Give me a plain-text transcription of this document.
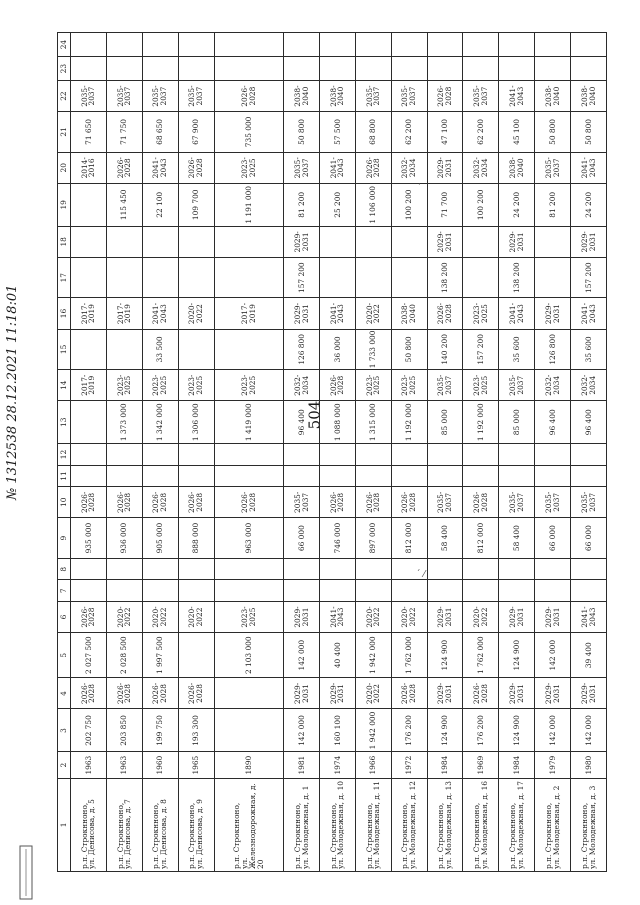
504
1	2	3	4	5	6	7	8	9	10	11	12	13	14	15	16	17	18	19	20	21	22	23	24
р.п. Строкнноно,
ул. Денисова, д. 5	1963	202 750	2026-2028	2 027 500	2026-2028			935 000	2026-2028				2017-2019		2017-2019				2014-2016	71 650	2035-2037		
р.п. Строкнноно,
ул. Денисова, д. 7	1963	203 850	2026-2028	2 028 500	2020-2022			936 000	2026-2028			1 373 000	2023-2025		2017-2019			115 450	2026-2028	71 750	2035-2037		
р.п. Строкнноно,
ул. Денисова, д. 8	1960	199 750	2026-2028	1 997 500	2020-2022			905 000	2026-2028			1 342 000	2023-2025	33 500	2041-2043			22 100	2041-2043	68 650	2035-2037		
р.п. Строкнноно,
ул. Денисова, д. 9	1965	193 300	2026-2028		2020-2022			888 000	2026-2028			1 306 000	2023-2025		2020-2022			109 700	2026-2028	67 900	2035-2037		
р.п. Строкнноно,
ул. Железнодорожная, д. 20	1890			2 103 000	2023-2025			963 000	2026-2028			1 419 000	2023-2025		2017-2019			1 191 000	2023-2025	735 000	2026-2028		
р.п. Строкнноно,
ул. Молодежная, д. 1	1981	142 000	2029-2031	142 000	2029-2031			66 000	2035-2037			96 400	2032-2034	126 800	2029-2031	157 200	2029-2031	81 200	2035-2037	50 800	2038-2040		
р.п. Строкнноно,
ул. Молодежная, д. 10	1974	160 100	2029-2031	40 400	2041-2043			746 000	2026-2028			1 088 000	2026-2028	36 000	2041-2043			25 200	2041-2043	57 500	2038-2040		
р.п. Строкнноно,
ул. Молодежная, д. 11	1966	1 942 000	2020-2022	1 942 000	2020-2022			897 000	2026-2028			1 315 000	2023-2025	1 733 000	2020-2022			1 106 000	2026-2028	68 800	2035-2037		
р.п. Строкнноно,
ул. Молодежная, д. 12	1972	176 200	2026-2028	1 762 000	2020-2022			812 000	2026-2028			1 192 000	2023-2025	50 800	2038-2040			100 200	2032-2034	62 200	2035-2037		
р.п. Строкнноно,
ул. Молодежная, д. 13	1984	124 900	2029-2031	124 900	2029-2031			58 400	2035-2037			85 000	2035-2037	140 200	2026-2028	138 200	2029-2031	71 700	2029-2031	47 100	2026-2028		
р.п. Строкнноно,
ул. Молодежная, д. 16	1969	176 200	2026-2028	1 762 000	2020-2022			812 000	2026-2028			1 192 000	2023-2025	157 200	2023-2025			100 200	2032-2034	62 200	2035-2037		
р.п. Строкнноно,
ул. Молодежная, д. 17	1984	124 900	2029-2031	124 900	2029-2031			58 400	2035-2037			85 000	2035-2037	35 600	2041-2043	138 200	2029-2031	24 200	2038-2040	45 100	2041-2043		
р.п. Строкнноно,
ул. Молодежная, д. 2	1979	142 000	2029-2031	142 000	2029-2031			66 000	2035-2037			96 400	2032-2034	126 800	2029-2031			81 200	2035-2037	50 800	2038-2040		
р.п. Строкнноно,
ул. Молодежная, д. 3	1980	142 000	2029-2031	39 400	2041-2043			66 000	2035-2037			96 400	2032-2034	35 600	2041-2043	157 200	2029-2031	24 200	2041-2043	50 800	2038-2040		
№ 1312538 28.12.2021 11:18:01
·
´ ⁄
